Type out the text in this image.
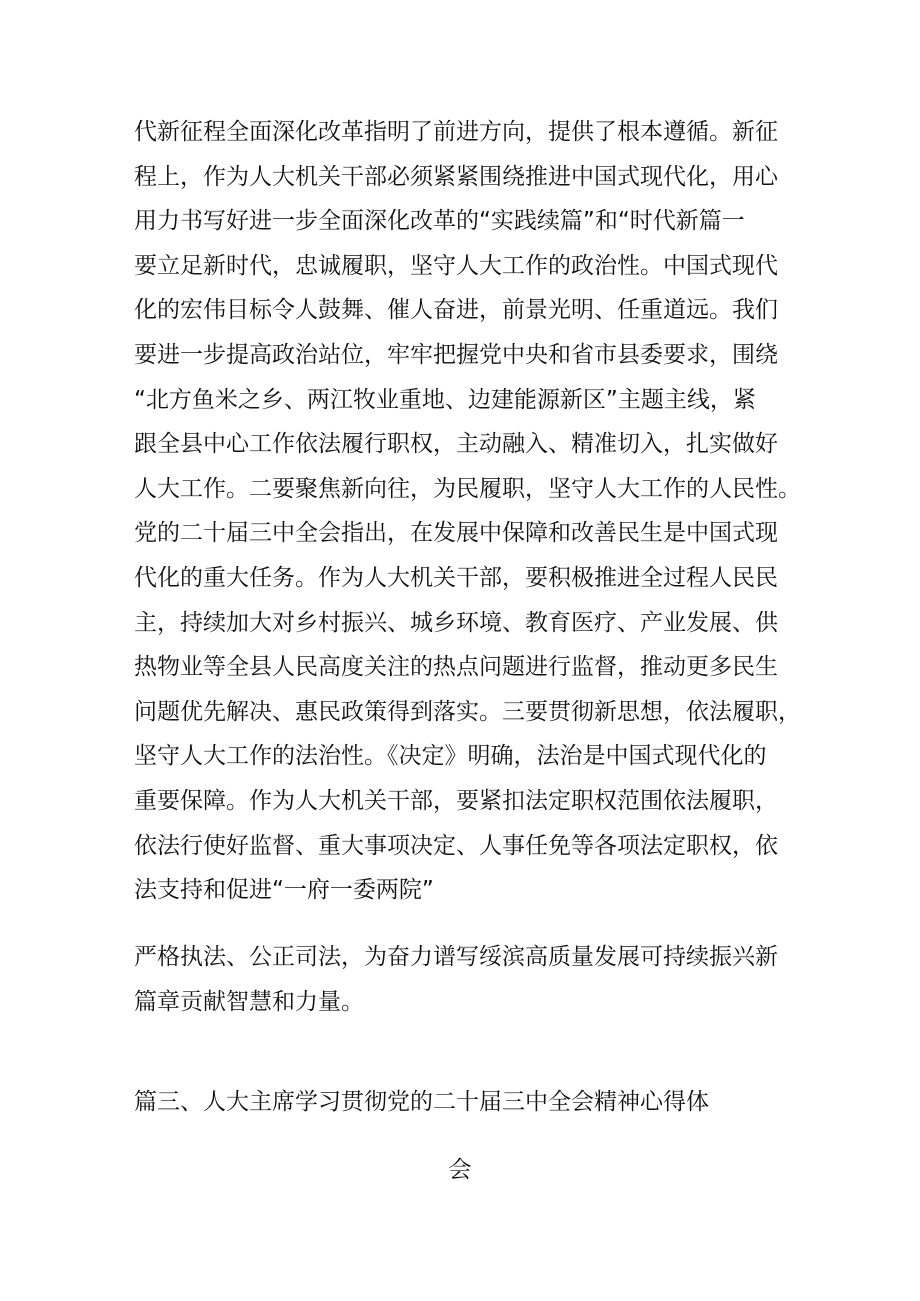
代新征程全面深化改革指明了前进方向，提供了根本遵循。新征
程上，作为人大机关干部必须紧紧围绕推进中国式现代化，用心
用力书写好进一步全面深化改革的“实践续篇”和“时代新篇一
要立足新时代，忠诚履职，坚守人大工作的政治性。中国式现代
化的宏伟目标令人鼓舞、催人奋进，前景光明、任重道远。我们
要进一步提高政治站位，牢牢把握党中央和省市县委要求，围绕
“北方鱼米之乡、两江牧业重地、边建能源新区”主题主线，紧
跟全县中心工作依法履行职权，主动融入、精准切入，扎实做好
人大工作。二要聚焦新向往，为民履职，坚守人大工作的人民性。
党的二十届三中全会指出，在发展中保障和改善民生是中国式现
代化的重大任务。作为人大机关干部，要积极推进全过程人民民
主，持续加大对乡村振兴、城乡环境、教育医疗、产业发展、供
热物业等全县人民高度关注的热点问题进行监督，推动更多民生
问题优先解决、惠民政策得到落实。三要贯彻新思想，依法履职，
坚守人大工作的法治性。《决定》明确，法治是中国式现代化的
重要保障。作为人大机关干部，要紧扣法定职权范围依法履职，
依法行使好监督、重大事项决定、人事任免等各项法定职权，依
法支持和促进“一府一委两院”
严格执法、公正司法，为奋力谱写绥滨高质量发展可持续振兴新
篇章贡献智慧和力量。
篇三、人大主席学习贯彻党的二十届三中全会精神心得体

会
